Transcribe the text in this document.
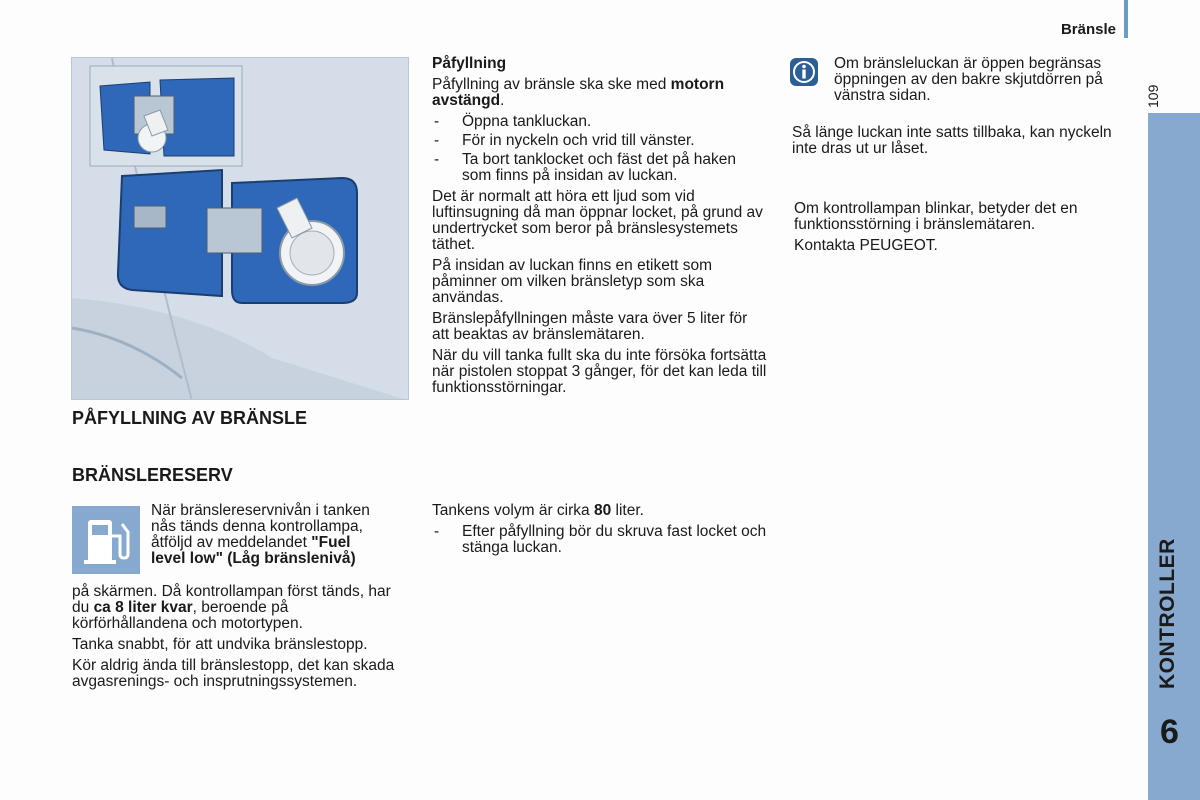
Bränsle
109
KONTROLLER
6
PÅFYLLNING AV BRÄNSLE
BRÄNSLERESERV
När bränslereservnivån i tanken nås tänds denna kontrollampa, åtföljd av meddelandet "Fuel level low" (Låg bränslenivå)

på skärmen. Då kontrollampan först tänds, har du ca 8 liter kvar, beroende på körförhållandena och motortypen.

Tanka snabbt, för att undvika bränslestopp.

Kör aldrig ända till bränslestopp, det kan skada avgasrenings- och insprutningssystemen.

Påfyllning

Påfyllning av bränsle ska ske med motorn avstängd.

- Öppna tankluckan.
- För in nyckeln och vrid till vänster.
- Ta bort tanklocket och fäst det på haken som finns på insidan av luckan.

Det är normalt att höra ett ljud som vid luftinsugning då man öppnar locket, på grund av undertrycket som beror på bränslesystemets täthet.

På insidan av luckan finns en etikett som påminner om vilken bränsletyp som ska användas.

Bränslepåfyllningen måste vara över 5 liter för att beaktas av bränslemätaren.

När du vill tanka fullt ska du inte försöka fortsätta när pistolen stoppat 3 gånger, för det kan leda till funktionsstörningar.

Tankens volym är cirka 80 liter.

- Efter påfyllning bör du skruva fast locket och stänga luckan.
Om bränsleluckan är öppen begränsas öppningen av den bakre skjutdörren på vänstra sidan.
Så länge luckan inte satts tillbaka, kan nyckeln inte dras ut ur låset.

Om kontrollampan blinkar, betyder det en funktionsstörning i bränslemätaren.

Kontakta PEUGEOT.
